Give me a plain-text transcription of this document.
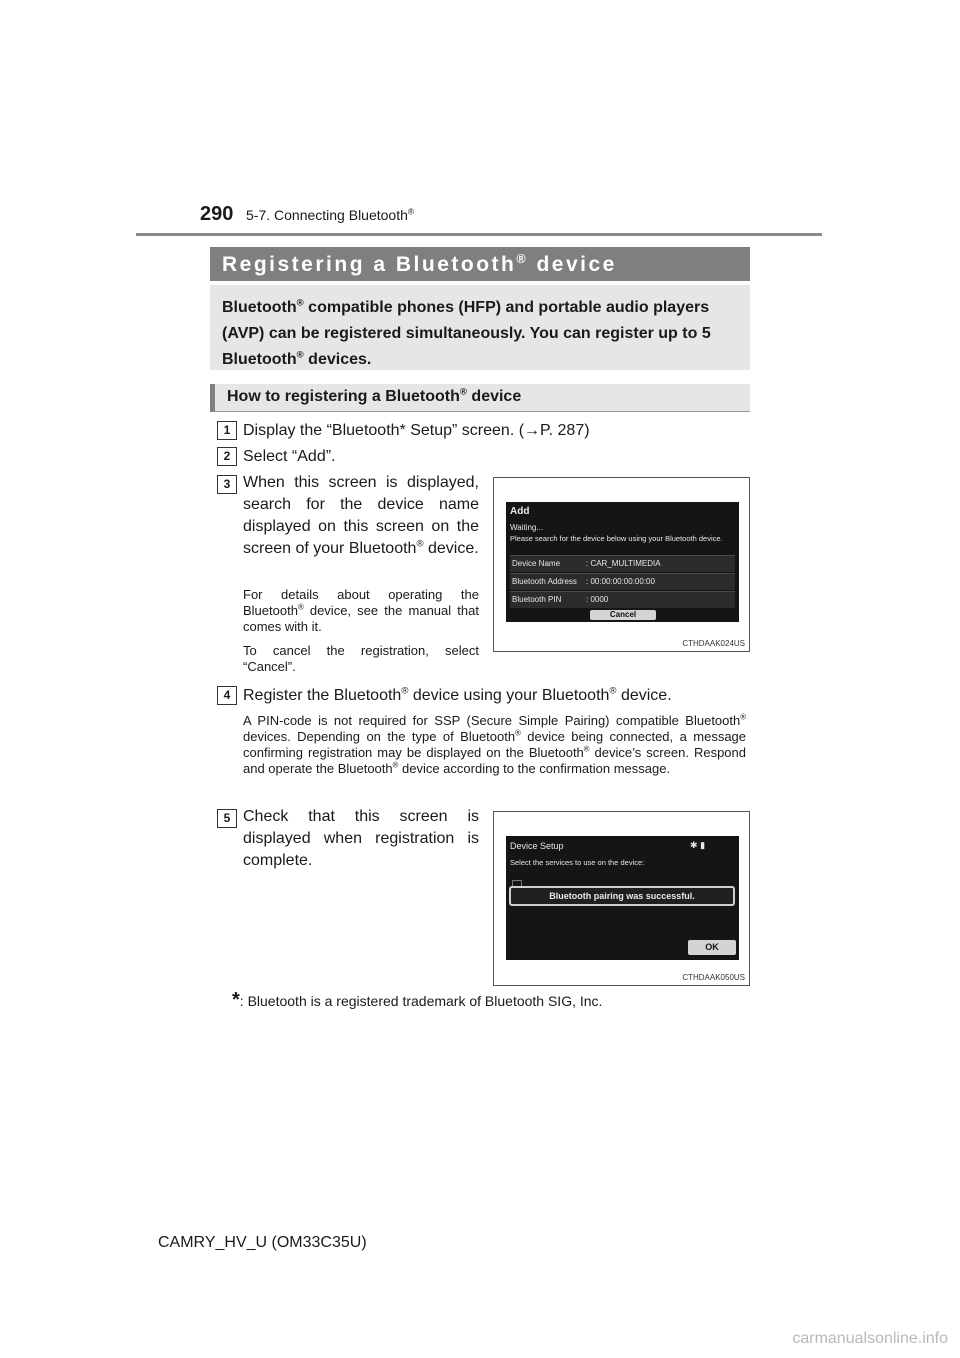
290 5-7. Connecting Bluetooth®
Registering a Bluetooth® device
Bluetooth® compatible phones (HFP) and portable audio players (AVP) can be registered simultaneously. You can register up to 5 Bluetooth® devices.
How to registering a Bluetooth® device
1 Display the “Bluetooth* Setup” screen. (→P. 287)
2 Select “Add”.
3 When this screen is displayed, search for the device name displayed on this screen on the screen of your Bluetooth® device.
For details about operating the Bluetooth® device, see the manual that comes with it.
To cancel the registration, select “Cancel”.
Add
Waiting...
Please search for the device below using your Bluetooth device.
Device Name	: CAR_MULTIMEDIA
Bluetooth Address : 00:00:00:00:00:00
Bluetooth PIN	: 0000
Cancel
CTHDAAK024US
4 Register the Bluetooth® device using your Bluetooth® device.
A PIN-code is not required for SSP (Secure Simple Pairing) compatible Bluetooth® devices. Depending on the type of Bluetooth® device being connected, a message confirming registration may be displayed on the Bluetooth® device’s screen. Respond and operate the Bluetooth® device according to the confirmation message.
5 Check that this screen is displayed when registration is complete.
Device Setup	✱ ▮
Select the services to use on the device:
Bluetooth pairing was successful.
OK
CTHDAAK050US
*: Bluetooth is a registered trademark of Bluetooth SIG, Inc.
CAMRY_HV_U (OM33C35U)
carmanualsonline.info
